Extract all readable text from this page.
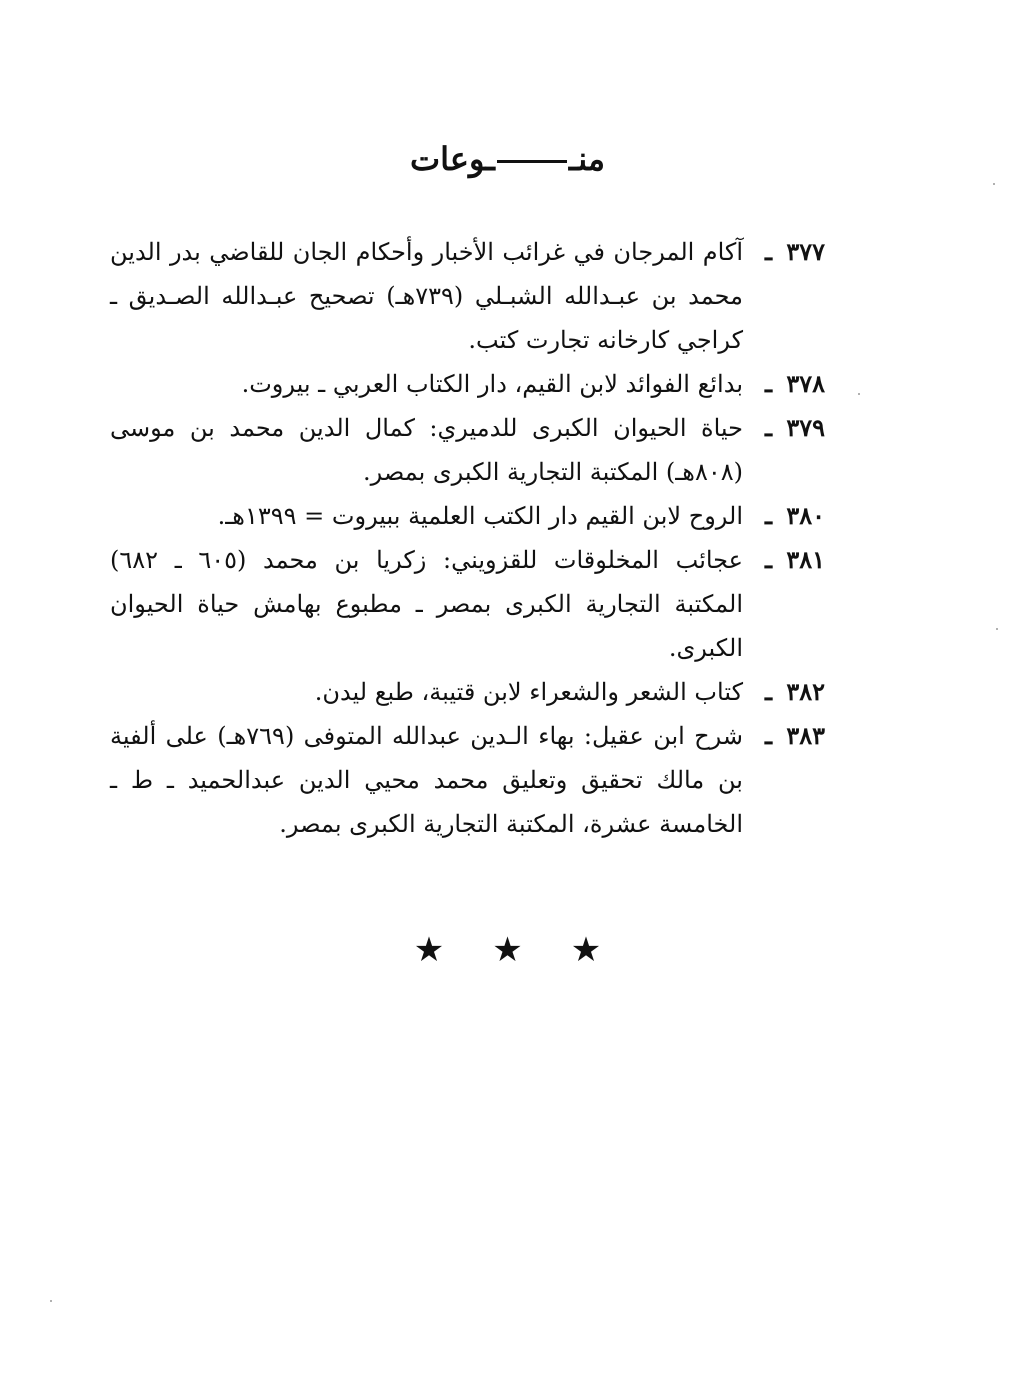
منــوعات
٣٧٧ ـ
آكام المرجان في غرائب الأخبار وأحكام الجان للقاضي بدر الدين محمد بن عبـدالله الشبـلي (٧٣٩هـ) تصحيح عبـدالله الصـديق ـ كراجي كارخانه تجارت كتب.
٣٧٨ ـ
بدائع الفوائد لابن القيم، دار الكتاب العربي ـ بيروت.
٣٧٩ ـ
حياة الحيوان الكبرى للدميري: كمال الدين محمد بن موسى (٨٠٨هـ) المكتبة التجارية الكبرى بمصر.
٣٨٠ ـ
الروح لابن القيم دار الكتب العلمية ببيروت = ١٣٩٩هـ.
٣٨١ ـ
عجائب المخلوقات للقزويني: زكريا بن محمد (٦٠٥ ـ ٦٨٢) المكتبة التجارية الكبرى بمصر ـ مطبوع بهامش حياة الحيوان الكبرى.
٣٨٢ ـ
كتاب الشعر والشعراء لابن قتيبة، طبع ليدن.
٣٨٣ ـ
شرح ابن عقيل: بهاء الـدين عبدالله المتوفى (٧٦٩هـ) على ألفية بن مالك تحقيق وتعليق محمد محيي الدين عبدالحميد ـ ط ـ الخامسة عشرة، المكتبة التجارية الكبرى بمصر.
★★★
